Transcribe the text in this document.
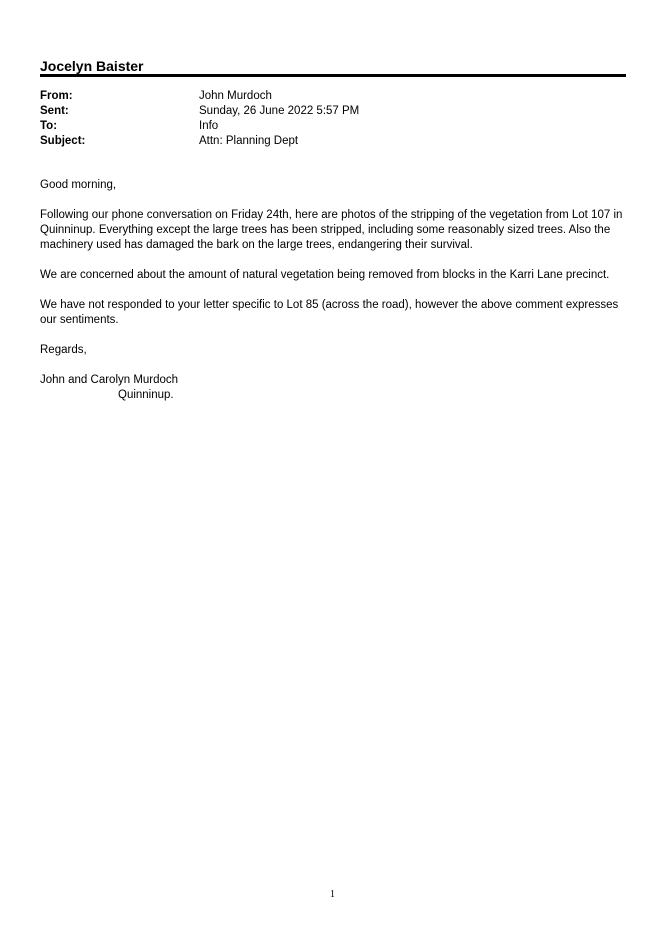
Jocelyn Baister
From:	John Murdoch
Sent:	Sunday, 26 June 2022 5:57 PM
To:	Info
Subject:	Attn: Planning Dept

Good morning,

Following our phone conversation on Friday 24th, here are photos of the stripping of the vegetation from Lot 107 in Quinninup. Everything except the large trees has been stripped, including some reasonably sized trees. Also the machinery used has damaged the bark on the large trees, endangering their survival.

We are concerned about the amount of natural vegetation being removed from blocks in the Karri Lane precinct.

We have not responded to your letter specific to Lot 85 (across the road), however the above comment expresses our sentiments.

Regards,

John and Carolyn Murdoch
Quinninup.
1
